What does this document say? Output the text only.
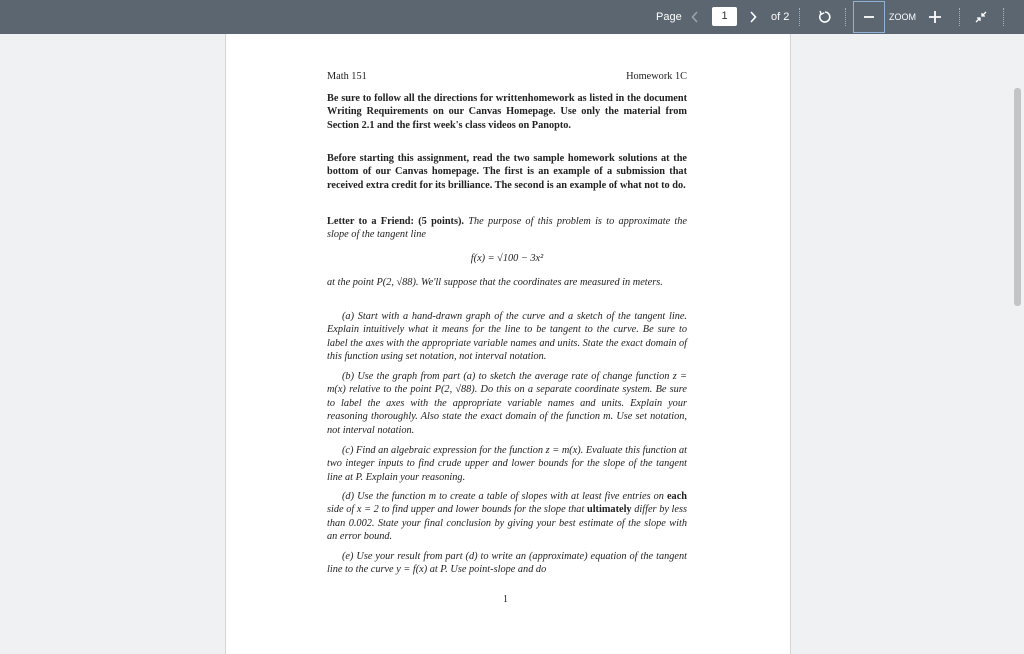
Page	1	of 2	ZOOM
Math 151	Homework 1C

Be sure to follow all the directions for writtenhomework as listed in the document Writing Requirements on our Canvas Homepage. Use only the material from Section 2.1 and the first week's class videos on Panopto.

Before starting this assignment, read the two sample homework solutions at the bottom of our Canvas homepage. The first is an example of a submission that received extra credit for its brilliance. The second is an example of what not to do.

Letter to a Friend: (5 points). The purpose of this problem is to approximate the slope of the tangent line

f(x) = √100 − 3x²

at the point P(2, √88). We'll suppose that the coordinates are measured in meters.

(a) Start with a hand-drawn graph of the curve and a sketch of the tangent line. Explain intuitively what it means for the line to be tangent to the curve. Be sure to label the axes with the appropriate variable names and units. State the exact domain of this function using set notation, not interval notation.

(b) Use the graph from part (a) to sketch the average rate of change function z = m(x) relative to the point P(2, √88). Do this on a separate coordinate system. Be sure to label the axes with the appropriate variable names and units. Explain your reasoning thoroughly. Also state the exact domain of the function m. Use set notation, not interval notation.

(c) Find an algebraic expression for the function z = m(x). Evaluate this function at two integer inputs to find crude upper and lower bounds for the slope of the tangent line at P. Explain your reasoning.

(d) Use the function m to create a table of slopes with at least five entries on each side of x = 2 to find upper and lower bounds for the slope that ultimately differ by less than 0.002. State your final conclusion by giving your best estimate of the slope with an error bound.

(e) Use your result from part (d) to write an (approximate) equation of the tangent line to the curve y = f(x) at P. Use point-slope and do

1
